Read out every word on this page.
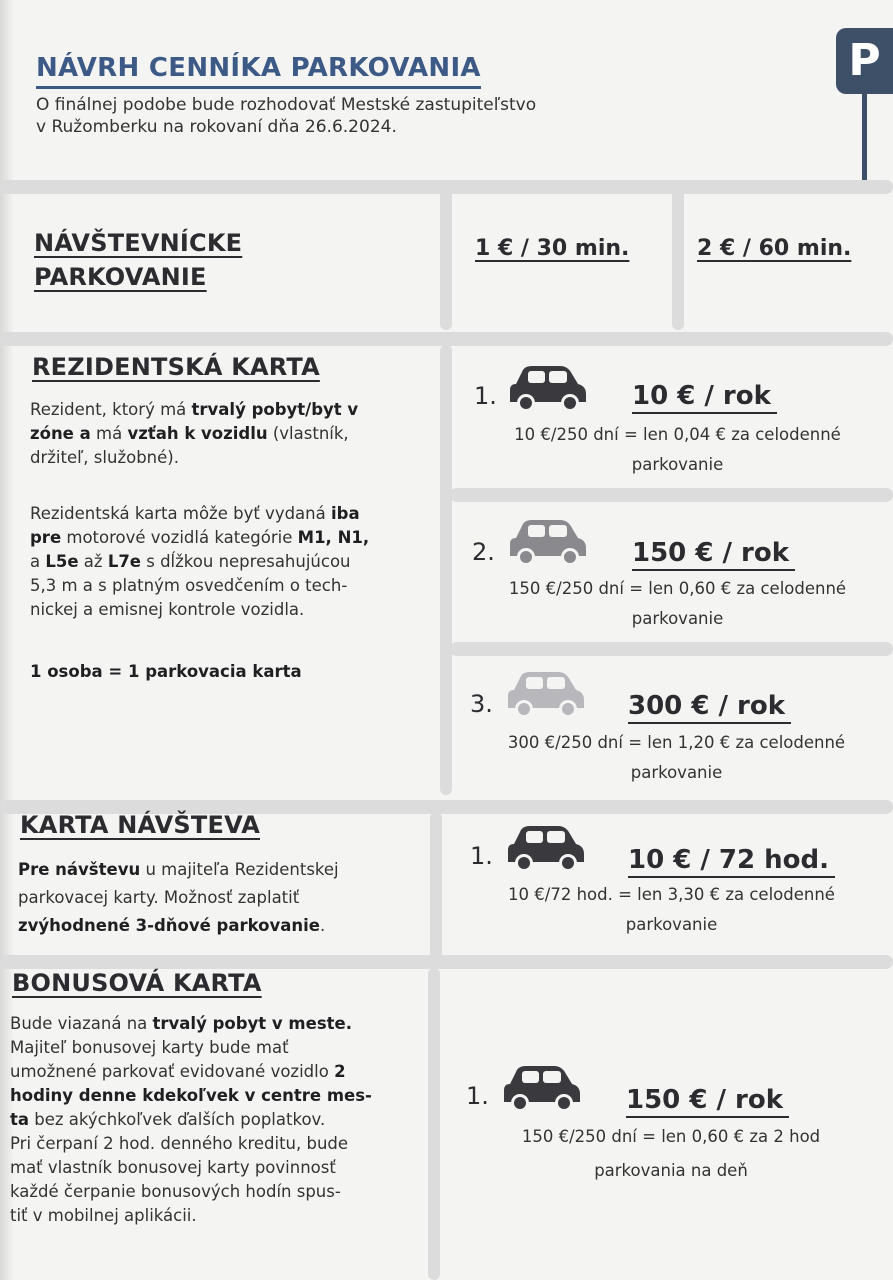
NÁVRH CENNÍKA PARKOVANIA
O finálnej podobe bude rozhodovať Mestské zastupiteľstvo
v Ružomberku na rokovaní dňa 26.6.2024.
P
NÁVŠTEVNÍCKE
PARKOVANIE
1 € / 30 min.	2 € / 60 min.
REZIDENTSKÁ KARTA
Rezident, ktorý má trvalý pobyt/byt v
zóne a má vzťah k vozidlu (vlastník,
držiteľ, služobné).
Rezidentská karta môže byť vydaná iba
pre motorové vozidlá kategórie M1, N1,
a L5e až L7e s dĺžkou nepresahujúcou
5,3 m a s platným osvedčením o tech-
nickej a emisnej kontrole vozidla.
1 osoba = 1 parkovacia karta
1.	10 € / rok
10 €/250 dní = len 0,04 € za celodenné
parkovanie
2.	150 € / rok
150 €/250 dní = len 0,60 € za celodenné
parkovanie
3.	300 € / rok
300 €/250 dní = len 1,20 € za celodenné
parkovanie
KARTA NÁVŠTEVA
Pre návštevu u majiteľa Rezidentskej
parkovacej karty. Možnosť zaplatiť
zvýhodnené 3-dňové parkovanie.
1.	10 € / 72 hod.
10 €/72 hod. = len 3,30 € za celodenné
parkovanie
BONUSOVÁ KARTA
Bude viazaná na trvalý pobyt v meste.
Majiteľ bonusovej karty bude mať
umožnené parkovať evidované vozidlo 2
hodiny denne kdekoľvek v centre mes-
ta bez akýchkoľvek ďalších poplatkov.
Pri čerpaní 2 hod. denného kreditu, bude
mať vlastník bonusovej karty povinnosť
každé čerpanie bonusových hodín spus-
tiť v mobilnej aplikácii.
1.	150 € / rok
150 €/250 dní = len 0,60 € za 2 hod
parkovania na deň
